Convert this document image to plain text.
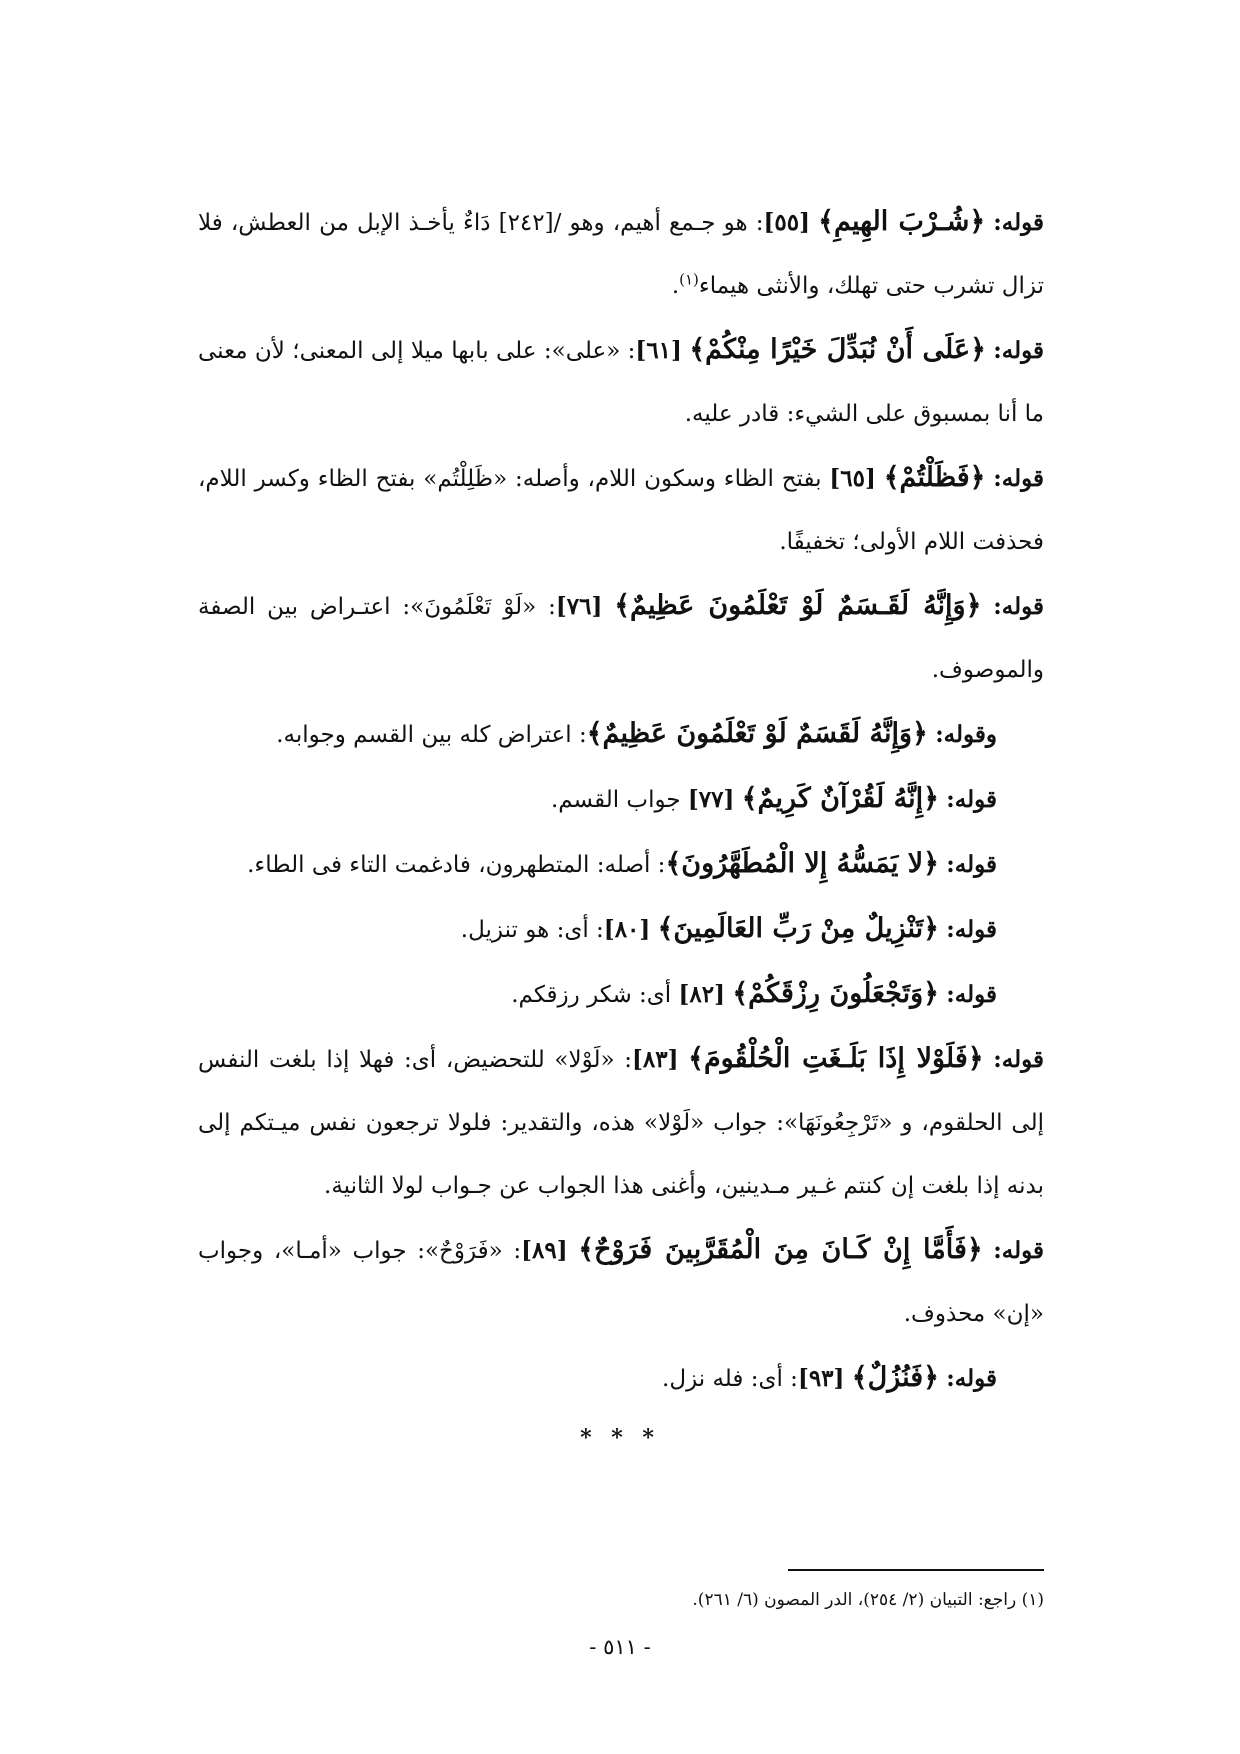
قوله: ﴿شُـرْبَ الهِيمِ﴾ [٥٥]: هو جـمع أهيم، وهو /[٢٤٢] دَاءٌ يأخـذ الإبل من العطش، فلا تزال تشرب حتى تهلك، والأنثى هيماء$^{(١)}$.

قوله: ﴿عَلَى أَنْ نُبَدِّلَ خَيْرًا مِنْكُمْ﴾ [٦١]: «على»: على بابها ميلا إلى المعنى؛ لأن معنى ما أنا بمسبوق على الشيء: قادر عليه.

قوله: ﴿فَظَلْتُمْ﴾ [٦٥] بفتح الظاء وسكون اللام، وأصله: «ظَلِلْتُم» بفتح الظاء وكسر اللام، فحذفت اللام الأولى؛ تخفيفًا.

قوله: ﴿وَإِنَّهُ لَقَـسَمٌ لَوْ تَعْلَمُونَ عَظِيمٌ﴾ [٧٦]: «لَوْ تَعْلَمُونَ»: اعتـراض بين الصفة والموصوف.

وقوله: ﴿وَإِنَّهُ لَقَسَمٌ لَوْ تَعْلَمُونَ عَظِيمٌ﴾: اعتراض كله بين القسم وجوابه.

قوله: ﴿إِنَّهُ لَقُرْآنٌ كَرِيمٌ﴾ [٧٧] جواب القسم.

قوله: ﴿لا يَمَسُّهُ إِلا الْمُطَهَّرُونَ﴾: أصله: المتطهرون، فادغمت التاء فى الطاء.

قوله: ﴿تَنْزِيلٌ مِنْ رَبِّ العَالَمِينَ﴾ [٨٠]: أى: هو تنزيل.

قوله: ﴿وَتَجْعَلُونَ رِزْقَكُمْ﴾ [٨٢] أى: شكر رزقكم.

قوله: ﴿فَلَوْلا إِذَا بَلَـغَتِ الْحُلْقُومَ﴾ [٨٣]: «لَوْلا» للتحضيض، أى: فهلا إذا بلغت النفس إلى الحلقوم، و «تَرْجِعُونَهَا»: جواب «لَوْلا» هذه، والتقدير: فلولا ترجعون نفس ميـتكم إلى بدنه إذا بلغت إن كنتم غـير مـدينين، وأغنى هذا الجواب عن جـواب لولا الثانية.

قوله: ﴿فَأَمَّا إِنْ كَـانَ مِنَ الْمُقَرَّبِينَ فَرَوْحٌ﴾ [٨٩]: «فَرَوْحٌ»: جواب «أمـا»، وجواب «إن» محذوف.

قوله: ﴿فَنُزُلٌ﴾ [٩٣]: أى: فله نزل.

* * *

(١) راجع: التبيان (٢/ ٢٥٤)، الدر المصون (٦/ ٢٦١).

- ٥١١ -
